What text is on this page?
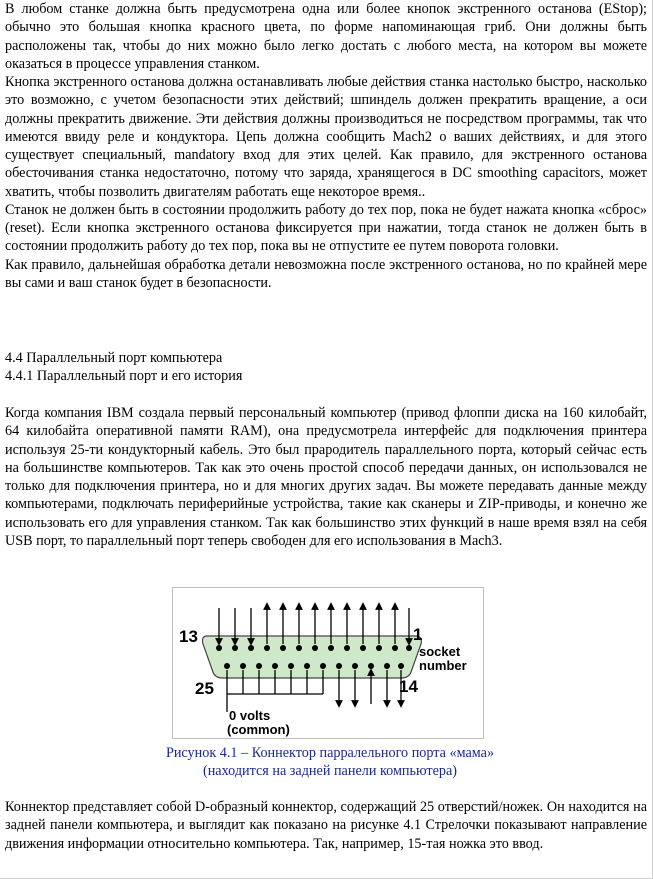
В любом станке должна быть предусмотрена одна или более кнопок экстренного останова (EStop); обычно это большая кнопка красного цвета, по форме напоминающая гриб. Они должны быть расположены так, чтобы до них можно было легко достать с любого места, на котором вы можете оказаться в процессе управления станком.
Кнопка экстренного останова должна останавливать любые действия станка настолько быстро, насколько это возможно, с учетом безопасности этих действий; шпиндель должен прекратить вращение, а оси должны прекратить движение. Эти действия должны производиться не посредством программы, так что имеются ввиду реле и кондуктора. Цепь должна сообщить Mach2 о ваших действиях, и для этого существует специальный, mandatory вход для этих целей. Как правило, для экстренного останова обесточивания станка недостаточно, потому что заряда, хранящегося в DC smoothing capacitors, может хватить, чтобы позволить двигателям работать еще некоторое время..
Станок не должен быть в состоянии продолжить работу до тех пор, пока не будет нажата кнопка «сброс» (reset). Если кнопка экстренного останова фиксируется при нажатии, тогда станок не должен быть в состоянии продолжить работу до тех пор, пока вы не отпустите ее путем поворота головки.
Как правило, дальнейшая обработка детали невозможна после экстренного останова, но по крайней мере вы сами и ваш станок будет в безопасности.
4.4 Параллельный порт компьютера
4.4.1 Параллельный порт и его история
Когда компания IBM создала первый персональный компьютер (привод флоппи диска на 160 килобайт, 64 килобайта оперативной памяти RAM), она предусмотрела интерфейс для подключения принтера используя 25-ти кондукторный кабель. Это был прародитель параллельного порта, который сейчас есть на большинстве компьютеров. Так как это очень простой способ передачи данных, он использовался не только для подключения принтера, но и для многих других задач. Вы можете передавать данные между компьютерами, подключать периферийные устройства, такие как сканеры и ZIP-приводы, и конечно же использовать его для управления станком. Так как большинство этих функций в наше время взял на себя USB порт, то параллельный порт теперь свободен для его использования в Mach3.
13	1
25	14
socket
number
0 volts
(common)
Рисунок 4.1 – Коннектор парралельного порта «мама»
(находится на задней панели компьютера)
Коннектор представляет собой D-образный коннектор, содержащий 25 отверстий/ножек. Он находится на задней панели компьютера, и выглядит как показано на рисунке 4.1 Стрелочки показывают направление движения информации относительно компьютера. Так, например, 15-тая ножка это ввод.
